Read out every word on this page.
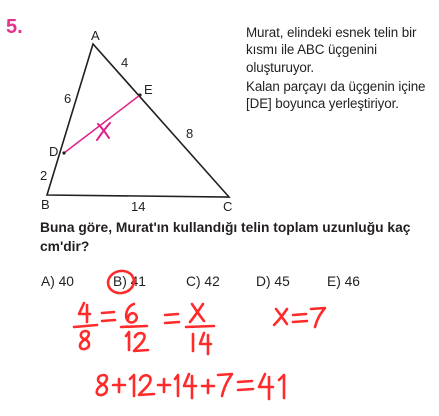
5.	A
B	C
D
E
4
6
8
2
14

Murat, elindeki esnek telin bir kısmı ile ABC üçgenini oluşturuyor.

Kalan parçayı da üçgenin içine [DE] boyunca yerleştiriyor.

Buna göre, Murat'ın kullandığı telin toplam uzunluğu kaç cm'dir?
A) 40	B) 41	C) 42	D) 45	E) 46
